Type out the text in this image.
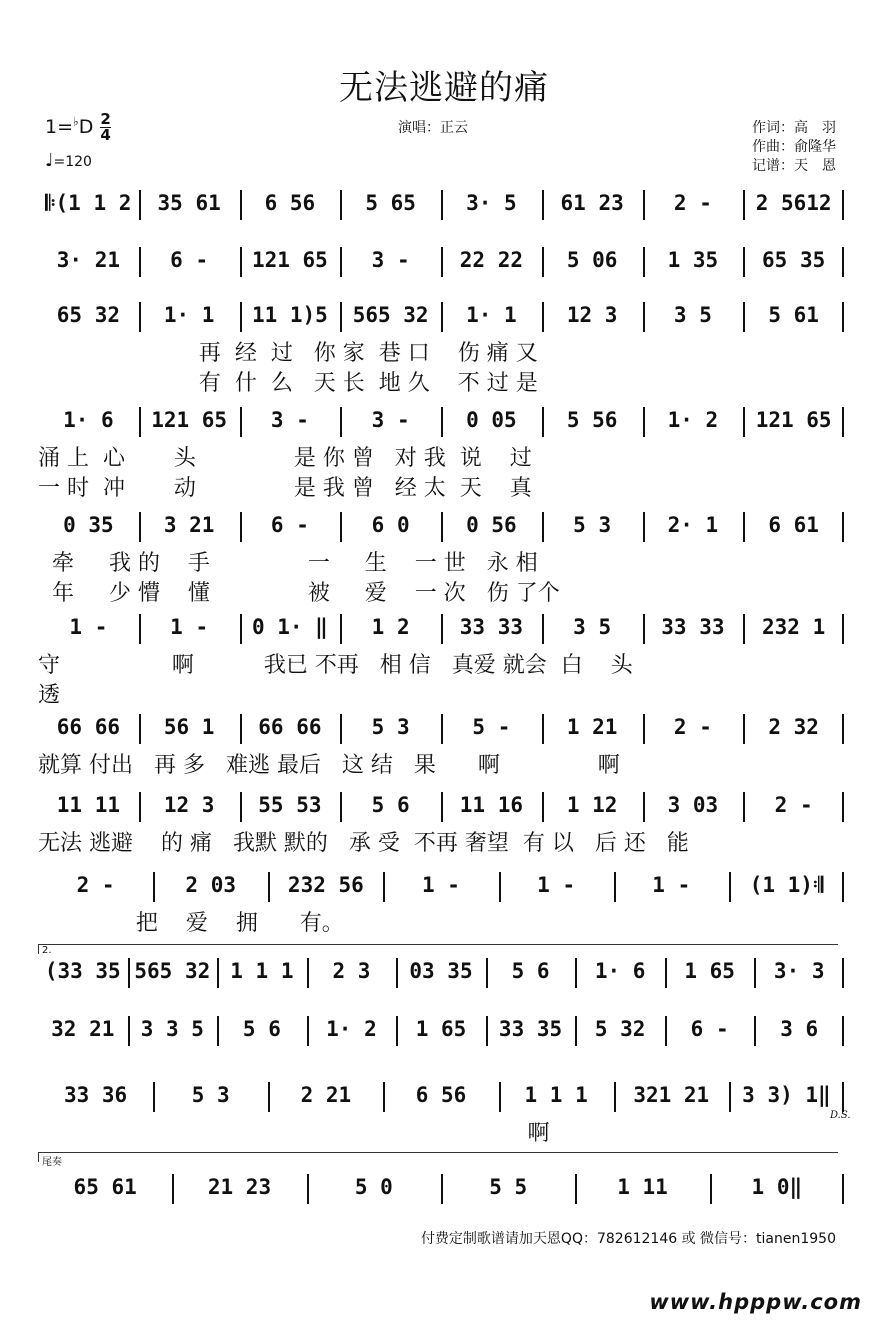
无法逃避的痛
$1=^♭D \frac{2}{4}$
♩=120
演唱：正云	作词：高　羽
作曲：俞隆华
记谱：天　恩
𝄆(1 1 2	35 61	6 56	5 65	3· 5	61 23	2 -	2 5612
3· 21	6 -	121 65	3 -	22 22	5 06	1 35	65 35
65 32	1· 1	11 1)5	565 32	1· 1	12 3	3 5	5 61
再  经  过   你 家  巷 口    伤 痛 又
有  什  么   天 长  地 久    不 过 是
1· 6	121 65	3 -	3 -	0 05	5 56	1· 2	121 65
涌 上  心       头              是 你 曾   对 我  说    过
一 时  冲       动              是 我 曾   经 太  天    真
0 35	3 21	6 -	6 0	0 56	5 3	2· 1	6 61
牵     我 的    手              一     生    一 世   永 相
年     少 懵    懂              被     爱    一 次   伤 了个
1 -	1 -	0 1· ‖	1 2	33 33	3 5	33 33	232 1
守                啊          我已 不再   相 信   真爱 就会  白    头
透
66 66	56 1	66 66	5 3	5 -	1 21	2 -	2 32
就算 付出   再 多   难逃 最后   这 结   果      啊              啊
11 11	12 3	55 53	5 6	11 16	1 12	3 03	2 -
无法 逃避    的 痛   我默 默的   承 受  不再 奢望  有 以   后 还   能
2 -	2 03	232 56	1 -	1 -	1 -	(1 1)𝄇
把    爱    拥      有。
(33 35 565 32 1 1 1	2 3	03 35	5 6	1· 6	1 65	3· 3
32 21	3 3 5	5 6	1· 2	1 65	33 35	5 32	6 -	3 6
33 36	5 3	2 21	6 56	1 1 1	321 21	3 3) 1‖
啊
65 61	21 23	5 0	5 5	1 11	1 0‖
2.
尾奏
D.S.
付费定制歌谱请加天恩QQ：782612146 或 微信号：tianen1950
www.hpppw.com
